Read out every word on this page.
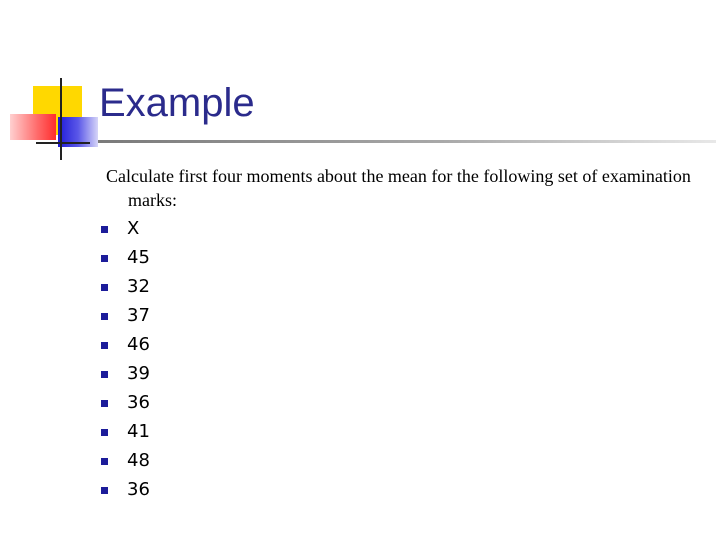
Example

Calculate first four moments about the mean for the following set of examination marks:

X
45
32
37
46
39
36
41
48
36
